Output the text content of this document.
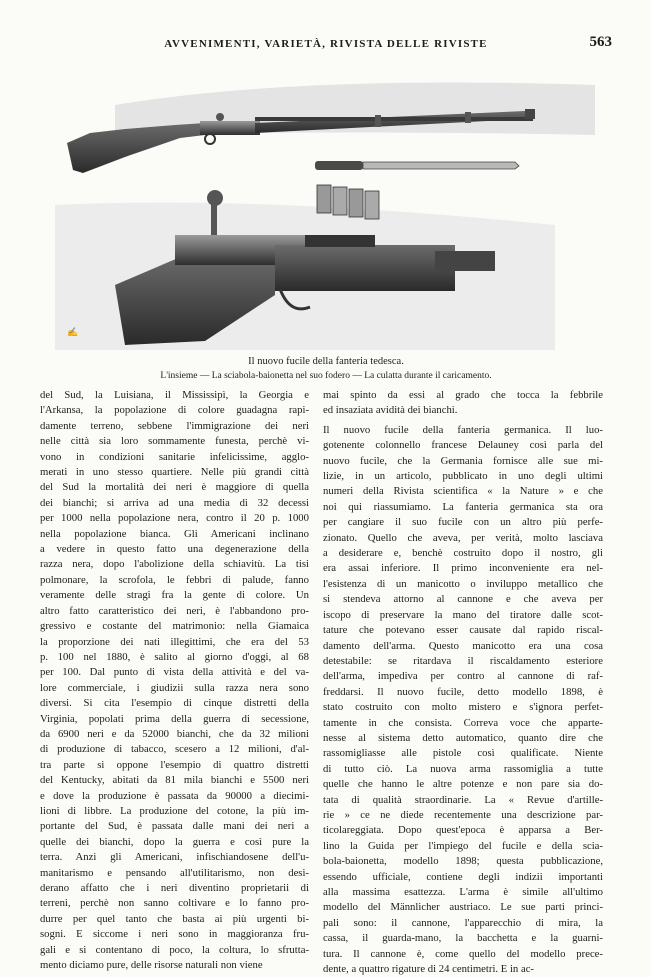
AVVENIMENTI, VARIETÀ, RIVISTA DELLE RIVISTE	563
✍
Il nuovo fucile della fanteria tedesca.
L'insieme — La sciabola-baionetta nel suo fodero — La culatta durante il caricamento.
del Sud, la Luisiana, il Mississipì, la Georgia e
l'Arkansa, la popolazione di colore guadagna rapi-
damente terreno, sebbene l'immigrazione dei neri
nelle città sia loro sommamente funesta, perchè vi-
vono in condizioni sanitarie infelicissime, agglo-
merati in uno stesso quartiere. Nelle più grandi città
del Sud la mortalità dei neri è maggiore di quella
dei bianchi; si arriva ad una media di 32 decessi
per 1000 nella popolazione nera, contro il 20 p. 1000
nella popolazione bianca. Gli Americani inclinano
a vedere in questo fatto una degenerazione della
razza nera, dopo l'abolizione della schiavitù. La tisi
polmonare, la scrofola, le febbri di palude, fanno
veramente delle stragi fra la gente di colore. Un
altro fatto caratteristico dei neri, è l'abbandono pro-
gressivo e costante del matrimonio: nella Giamaica
la proporzione dei nati illegittimi, che era del 53
p. 100 nel 1880, è salito al giorno d'oggi, al 68
per 100. Dal punto di vista della attività e del va-
lore commerciale, i giudizii sulla razza nera sono
diversi. Si cita l'esempio di cinque distretti della
Virginia, popolati prima della guerra di secessione,
da 6900 neri e da 52000 bianchi, che da 32 milioni
di produzione di tabacco, scesero a 12 milioni, d'al-
tra parte si oppone l'esempio di quattro distretti
del Kentucky, abitati da 81 mila bianchi e 5500 neri
e dove la produzione è passata da 90000 a diecimi-
lioni di libbre. La produzione del cotone, la più im-
portante del Sud, è passata dalle mani dei neri a
quelle dei bianchi, dopo la guerra e così pure la
terra. Anzi gli Americani, infischiandosene dell'u-
manitarismo e pensando all'utilitarismo, non desi-
derano affatto che i neri diventino proprietarii di
terreni, perchè non sanno coltivare e lo fanno pro-
durre per quel tanto che basta ai più urgenti bi-
sogni. E siccome i neri sono in maggioranza fru-
gali e si contentano di poco, la coltura, lo sfrutta-
mento diciamo pure, delle risorse naturali non viene
mai spinto da essi al grado che tocca la febbrile
ed insaziata avidità dei bianchi.

Il nuovo fucile della fanteria germanica. Il luo-
gotenente colonnello francese Delauney così parla del
nuovo fucile, che la Germania fornisce alle sue mi-
lizie, in un articolo, pubblicato in uno degli ultimi
numeri della Rivista scientifica « la Nature » e che
noi qui riassumiamo. La fanteria germanica sta ora
per cangiare il suo fucile con un altro più perfe-
zionato. Quello che aveva, per verità, molto lasciava
a desiderare e, benchè costruito dopo il nostro, gli
era assai inferiore. Il primo inconveniente era nel-
l'esistenza di un manicotto o inviluppo metallico che
si stendeva attorno al cannone e che aveva per
iscopo di preservare la mano del tiratore dalle scot-
tature che potevano esser causate dal rapido riscal-
damento dell'arma. Questo manicotto era una cosa
detestabile: se ritardava il riscaldamento esteriore
dell'arma, impediva per contro al cannone di raf-
freddarsi. Il nuovo fucile, detto modello 1898, è
stato costruito con molto mistero e s'ignora perfet-
tamente in che consista. Correva voce che apparte-
nesse al sistema detto automatico, quanto dire che
rassomigliasse alle pistole così qualificate. Niente
di tutto ciò. La nuova arma rassomiglia a tutte
quelle che hanno le altre potenze e non pare sia do-
tata di qualità straordinarie. La « Revue d'artille-
rie » ce ne diede recentemente una descrizione par-
ticolareggiata. Dopo quest'epoca è apparsa a Ber-
lino la Guida per l'impiego del fucile e della scia-
bola-baionetta, modello 1898; questa pubblicazione,
essendo ufficiale, contiene degli indizii importanti
alla massima esattezza. L'arma è simile all'ultimo
modello del Männlicher austriaco. Le sue parti princi-
pali sono: il cannone, l'apparecchio di mira, la
cassa, il guarda-mano, la bacchetta e la guarni-
tura. Il cannone è, come quello del modello prece-
dente, a quattro rigature di 24 centimetri. E in ac-
